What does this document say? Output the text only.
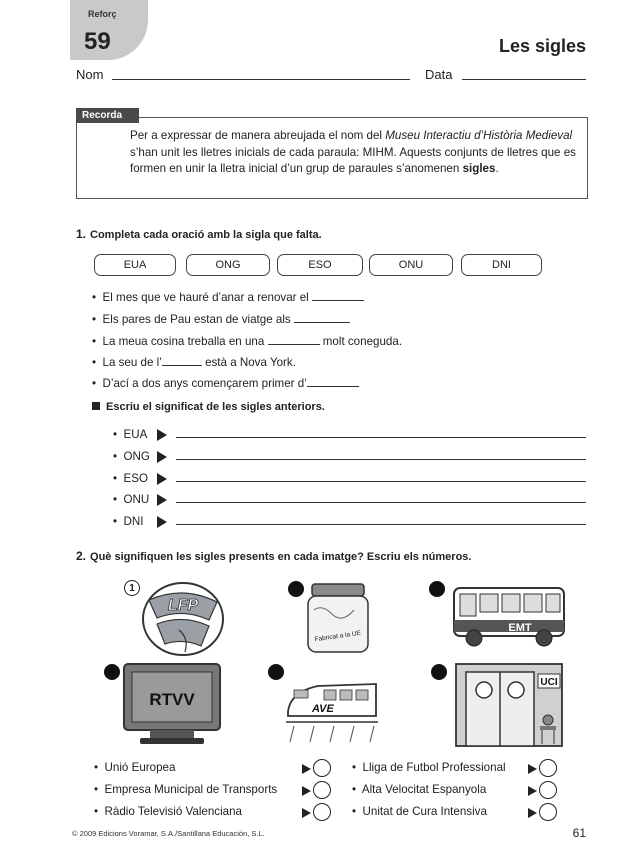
Reforç
59	Les sigles
Nom	Data
Recorda
Per a expressar de manera abreujada el nom del Museu Interactiu d’Història Medieval s’han unit les lletres inicials de cada paraula: MIHM. Aquests conjunts de lletres que es formen en unir la lletra inicial d’un grup de paraules s’anomenen sigles.
1. Completa cada oració amb la sigla que falta.
EUA	ONG	ESO	ONU	DNI
•  El mes que ve hauré d’anar a renovar el
•  Els pares de Pau estan de viatge als
•  La meua cosina treballa en una	molt coneguda.
•  La seu de l’	està a Nova York.
•  D’ací a dos anys començarem primer d’
Escriu el significat de les sigles anteriors.
•  EUA
•  ONG
•  ESO
•  ONU
•  DNI
2. Què signifiquen les sigles presents en cada imatge? Escriu els números.
1
LFP
Fabricat a la UE
EMT
RTVV	AVE
UCI
•  Unió Europea
•  Empresa Municipal de Transports
•  Ràdio Televisió Valenciana
•  Lliga de Futbol Professional
•  Alta Velocitat Espanyola
•  Unitat de Cura Intensiva
© 2009 Edicions Voramar, S.A./Santillana Educación, S.L.	61
